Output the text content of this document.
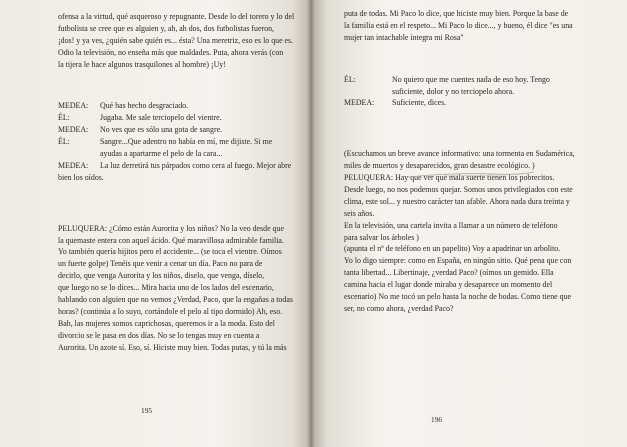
ofensa a la virtud, qué asqueroso y repugnante. Desde lo del torero y lo del
futbolista se cree que es alguien y, ah, ah dos, dos futbolistas fueron,
¡dos! y ya ves, ¿quién sabe quién es... ésta? Una meretriz, eso es lo que es.
Odio la televisión, no enseña más que maldades. Puta, ahora verás (con
la tijera le hace algunos trasquilones al hombre) ¡Uy!
MEDEA:	Qué has hecho desgraciado.
ÉL:	Jugaba. Me sale terciopelo del vientre.
MEDEA:	No ves que es sólo una gota de sangre.
ÉL:	Sangre...Que adentro no había en mí, me dijiste. Si me
ayudas a apartarme el pelo de la cara...
MEDEA:	La luz derretirá tus párpados como cera al fuego. Mejor abre
bien los oídos.
PELUQUERA: ¿Cómo están Aurorita y los niños? No la veo desde que
la quemaste entera con aquel ácido. Qué maravillosa admirable familia.
Yo también quería hijitos pero el accidente... (se toca el vientre. Oímos
un fuerte golpe) Tenéis que venir a cenar un día. Paco no para de
decirlo, que venga Aurorita y los niños, diselo, que venga, díselo,
que luego no se lo dices... Mira hacia uno de los lados del escenario,
hablando con alguien que no vemos ¿Verdad, Paco, que la engañas a todas
horas? (continúa a lo suyo, cortándole el pelo al tipo dormido) Ah, eso.
Bah, las mujeres somos caprichosas, queremos ir a la moda. Esto del
divorcio se le pasa en dos días. No se lo tengas muy en cuenta a
Aurorita. Un azote sí. Eso, sí. Hiciste muy bien. Todas putas, y tú la más
195
puta de todas. Mi Paco lo dice, que hiciste muy bien. Porque la base de
la familia está en el respeto... Mi Paco lo dice..., y bueno, él dice "es una
mujer tan intachable íntegra mi Rosa"
ÉL:	No quiero que me cuentes nada de eso hoy. Tengo
suficiente, dolor y no terciopelo ahora.
MEDEA:	Suficiente, dices.
(Escuchamos un breve avance informativo: una tormenta en Sudamérica,
miles de muertos y desaparecidos, gran desastre ecológico. )
PELUQUERA: Hay que ver qué mala suerte tienen los pobrecitos.
Desde luego, no nos podemos quejar. Somos unos privilegiados con este
clima, este sol... y nuestro carácter tan afable. Ahora nada dura treinta y
seis años.
En la televisión, una cartela invita a llamar a un número de teléfono
para salvar los árboles )
(apunta el nº de teléfono en un papelito) Voy a apadrinar un arbolito.
Yo lo digo siempre: como en España, en ningún sitio. Qué pena que con
tanta libertad... Libertinaje, ¿verdad Paco? (oímos un gemido. Ella
camina hacia el lugar donde miraba y desaparece un momento del
escenario) No me tocó un pelo hasta la noche de bodas. Como tiene que
ser, no como ahora, ¿verdad Paco?
196
